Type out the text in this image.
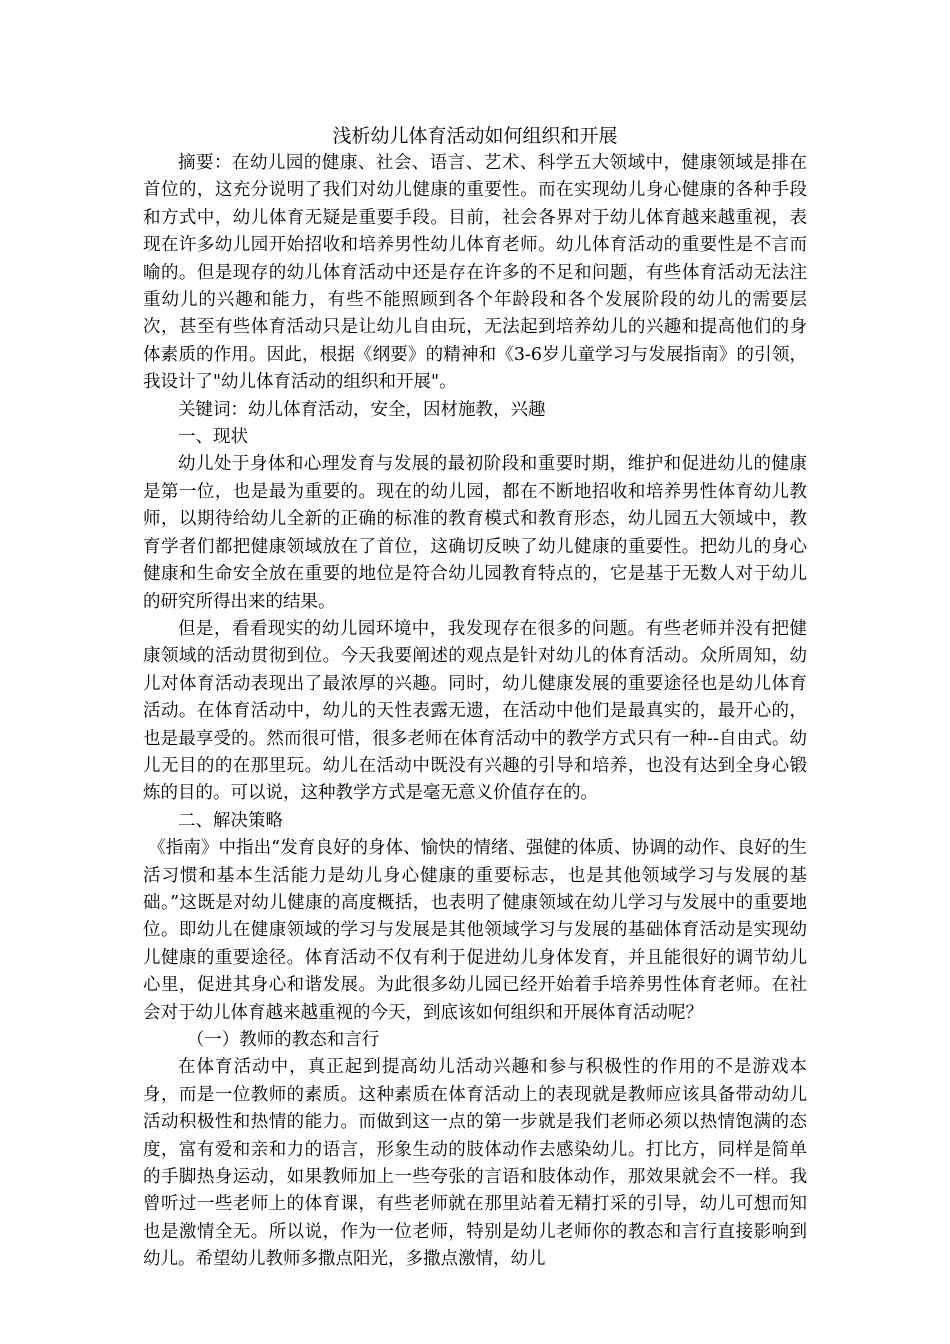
浅析幼儿体育活动如何组织和开展

摘要：在幼儿园的健康、社会、语言、艺术、科学五大领域中，健康领域是排在首位的，这充分说明了我们对幼儿健康的重要性。而在实现幼儿身心健康的各种手段和方式中，幼儿体育无疑是重要手段。目前，社会各界对于幼儿体育越来越重视，表现在许多幼儿园开始招收和培养男性幼儿体育老师。幼儿体育活动的重要性是不言而喻的。但是现存的幼儿体育活动中还是存在许多的不足和问题，有些体育活动无法注重幼儿的兴趣和能力，有些不能照顾到各个年龄段和各个发展阶段的幼儿的需要层次，甚至有些体育活动只是让幼儿自由玩，无法起到培养幼儿的兴趣和提高他们的身体素质的作用。因此，根据《纲要》的精神和《3-6岁儿童学习与发展指南》的引领，我设计了"幼儿体育活动的组织和开展"。

关键词：幼儿体育活动，安全，因材施教，兴趣

一、现状

幼儿处于身体和心理发育与发展的最初阶段和重要时期，维护和促进幼儿的健康是第一位，也是最为重要的。现在的幼儿园，都在不断地招收和培养男性体育幼儿教师，以期待给幼儿全新的正确的标准的教育模式和教育形态，幼儿园五大领域中，教育学者们都把健康领域放在了首位，这确切反映了幼儿健康的重要性。把幼儿的身心健康和生命安全放在重要的地位是符合幼儿园教育特点的，它是基于无数人对于幼儿的研究所得出来的结果。

但是，看看现实的幼儿园环境中，我发现存在很多的问题。有些老师并没有把健康领域的活动贯彻到位。今天我要阐述的观点是针对幼儿的体育活动。众所周知，幼儿对体育活动表现出了最浓厚的兴趣。同时，幼儿健康发展的重要途径也是幼儿体育活动。在体育活动中，幼儿的天性表露无遗，在活动中他们是最真实的，最开心的，也是最享受的。然而很可惜，很多老师在体育活动中的教学方式只有一种--自由式。幼儿无目的的在那里玩。幼儿在活动中既没有兴趣的引导和培养，也没有达到全身心锻炼的目的。可以说，这种教学方式是毫无意义价值存在的。

二、解决策略

《指南》中指出“发育良好的身体、愉快的情绪、强健的体质、协调的动作、良好的生活习惯和基本生活能力是幼儿身心健康的重要标志，也是其他领域学习与发展的基础。”这既是对幼儿健康的高度概括，也表明了健康领域在幼儿学习与发展中的重要地位。即幼儿在健康领域的学习与发展是其他领域学习与发展的基础体育活动是实现幼儿健康的重要途径。体育活动不仅有利于促进幼儿身体发育，并且能很好的调节幼儿心里，促进其身心和谐发展。为此很多幼儿园已经开始着手培养男性体育老师。在社会对于幼儿体育越来越重视的今天，到底该如何组织和开展体育活动呢？

（一）教师的教态和言行

在体育活动中，真正起到提高幼儿活动兴趣和参与积极性的作用的不是游戏本身，而是一位教师的素质。这种素质在体育活动上的表现就是教师应该具备带动幼儿活动积极性和热情的能力。而做到这一点的第一步就是我们老师必须以热情饱满的态度，富有爱和亲和力的语言，形象生动的肢体动作去感染幼儿。打比方，同样是简单的手脚热身运动，如果教师加上一些夸张的言语和肢体动作，那效果就会不一样。我曾听过一些老师上的体育课，有些老师就在那里站着无精打采的引导，幼儿可想而知也是激情全无。所以说，作为一位老师，特别是幼儿老师你的教态和言行直接影响到幼儿。希望幼儿教师多撒点阳光，多撒点激情，幼儿
